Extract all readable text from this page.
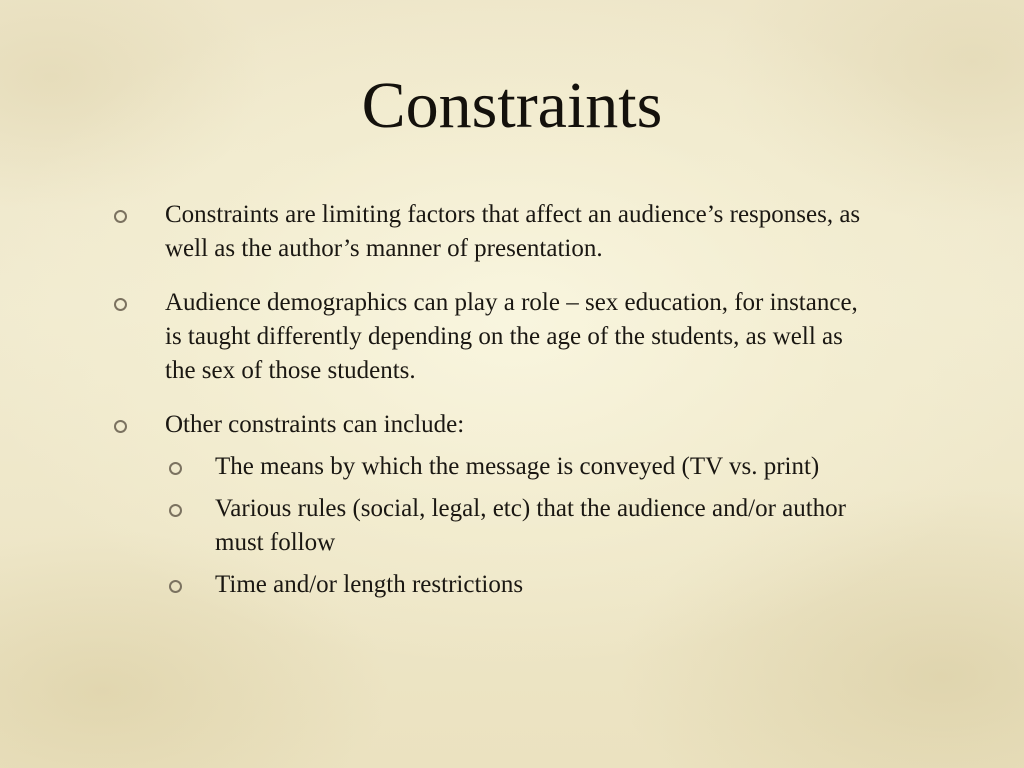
Constraints
Constraints are limiting factors that affect an audience’s responses, as well as the author’s manner of presentation.
Audience demographics can play a role – sex education, for instance, is taught differently depending on the age of the students, as well as the sex of those students.
Other constraints can include:
The means by which the message is conveyed (TV vs. print)
Various rules (social, legal, etc) that the audience and/or author must follow
Time and/or length restrictions
